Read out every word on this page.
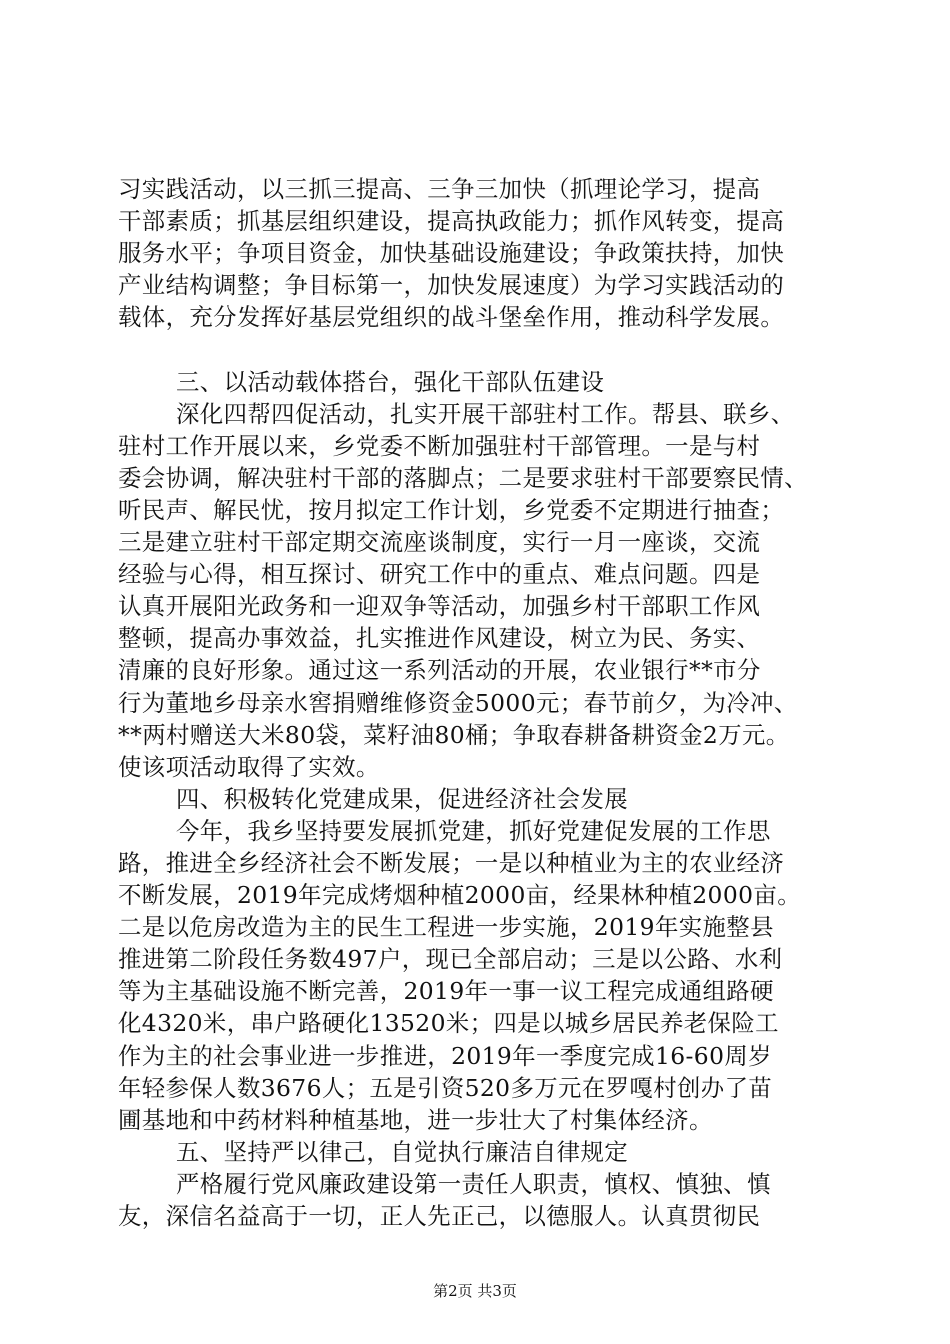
习实践活动，以三抓三提高、三争三加快（抓理论学习，提高
干部素质；抓基层组织建设，提高执政能力；抓作风转变，提高
服务水平；争项目资金，加快基础设施建设；争政策扶持，加快
产业结构调整；争目标第一，加快发展速度）为学习实践活动的
载体，充分发挥好基层党组织的战斗堡垒作用，推动科学发展。
三、以活动载体搭台，强化干部队伍建设
深化四帮四促活动，扎实开展干部驻村工作。帮县、联乡、
驻村工作开展以来，乡党委不断加强驻村干部管理。一是与村
委会协调，解决驻村干部的落脚点；二是要求驻村干部要察民情、
听民声、解民忧，按月拟定工作计划，乡党委不定期进行抽查；
三是建立驻村干部定期交流座谈制度，实行一月一座谈，交流
经验与心得，相互探讨、研究工作中的重点、难点问题。四是
认真开展阳光政务和一迎双争等活动，加强乡村干部职工作风
整顿，提高办事效益，扎实推进作风建设，树立为民、务实、
清廉的良好形象。通过这一系列活动的开展，农业银行**市分
行为董地乡母亲水窖捐赠维修资金5000元；春节前夕，为冷冲、
**两村赠送大米80袋，菜籽油80桶；争取春耕备耕资金2万元。
使该项活动取得了实效。
四、积极转化党建成果，促进经济社会发展
今年，我乡坚持要发展抓党建，抓好党建促发展的工作思
路，推进全乡经济社会不断发展；一是以种植业为主的农业经济
不断发展，2019年完成烤烟种植2000亩，经果林种植2000亩。
二是以危房改造为主的民生工程进一步实施，2019年实施整县
推进第二阶段任务数497户，现已全部启动；三是以公路、水利
等为主基础设施不断完善，2019年一事一议工程完成通组路硬
化4320米，串户路硬化13520米；四是以城乡居民养老保险工
作为主的社会事业进一步推进，2019年一季度完成16-60周岁
年轻参保人数3676人；五是引资520多万元在罗嘎村创办了苗
圃基地和中药材料种植基地，进一步壮大了村集体经济。
五、坚持严以律己，自觉执行廉洁自律规定
严格履行党风廉政建设第一责任人职责，慎权、慎独、慎
友，深信名益高于一切，正人先正己，以德服人。认真贯彻民
第2页 共3页
